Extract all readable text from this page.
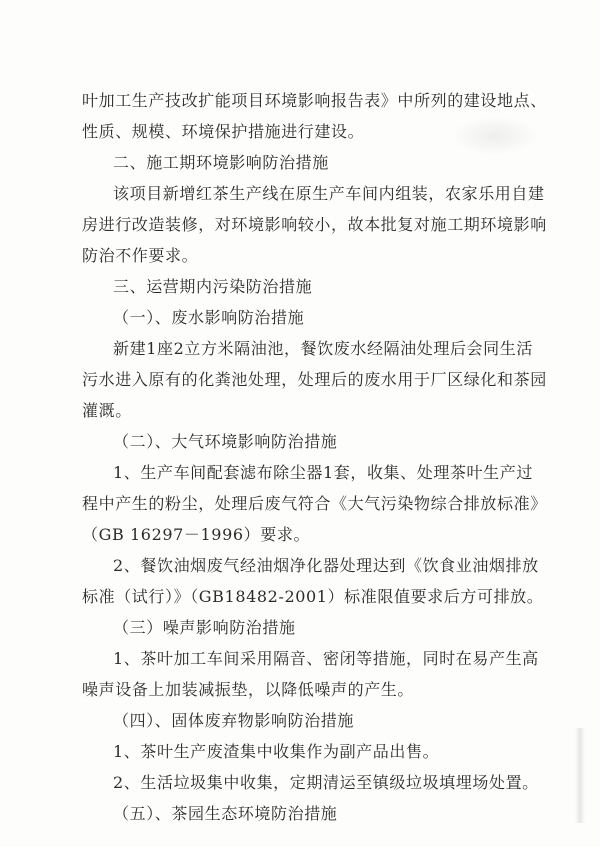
叶加工生产技改扩能项目环境影响报告表》中所列的建设地点、
性质、规模、环境保护措施进行建设。
二、施工期环境影响防治措施
该项目新增红茶生产线在原生产车间内组装，农家乐用自建
房进行改造装修，对环境影响较小，故本批复对施工期环境影响
防治不作要求。
三、运营期内污染防治措施
（一）、废水影响防治措施
新建1座2立方米隔油池，餐饮废水经隔油处理后会同生活
污水进入原有的化粪池处理，处理后的废水用于厂区绿化和茶园
灌溉。
（二）、大气环境影响防治措施
1、生产车间配套滤布除尘器1套，收集、处理茶叶生产过
程中产生的粉尘，处理后废气符合《大气污染物综合排放标准》
（GB 16297－1996）要求。
2、餐饮油烟废气经油烟净化器处理达到《饮食业油烟排放
标准（试行）》（GB18482-2001）标准限值要求后方可排放。
（三）噪声影响防治措施
1、茶叶加工车间采用隔音、密闭等措施，同时在易产生高
噪声设备上加装减振垫，以降低噪声的产生。
（四）、固体废弃物影响防治措施
1、茶叶生产废渣集中收集作为副产品出售。
2、生活垃圾集中收集，定期清运至镇级垃圾填埋场处置。
（五）、茶园生态环境防治措施
